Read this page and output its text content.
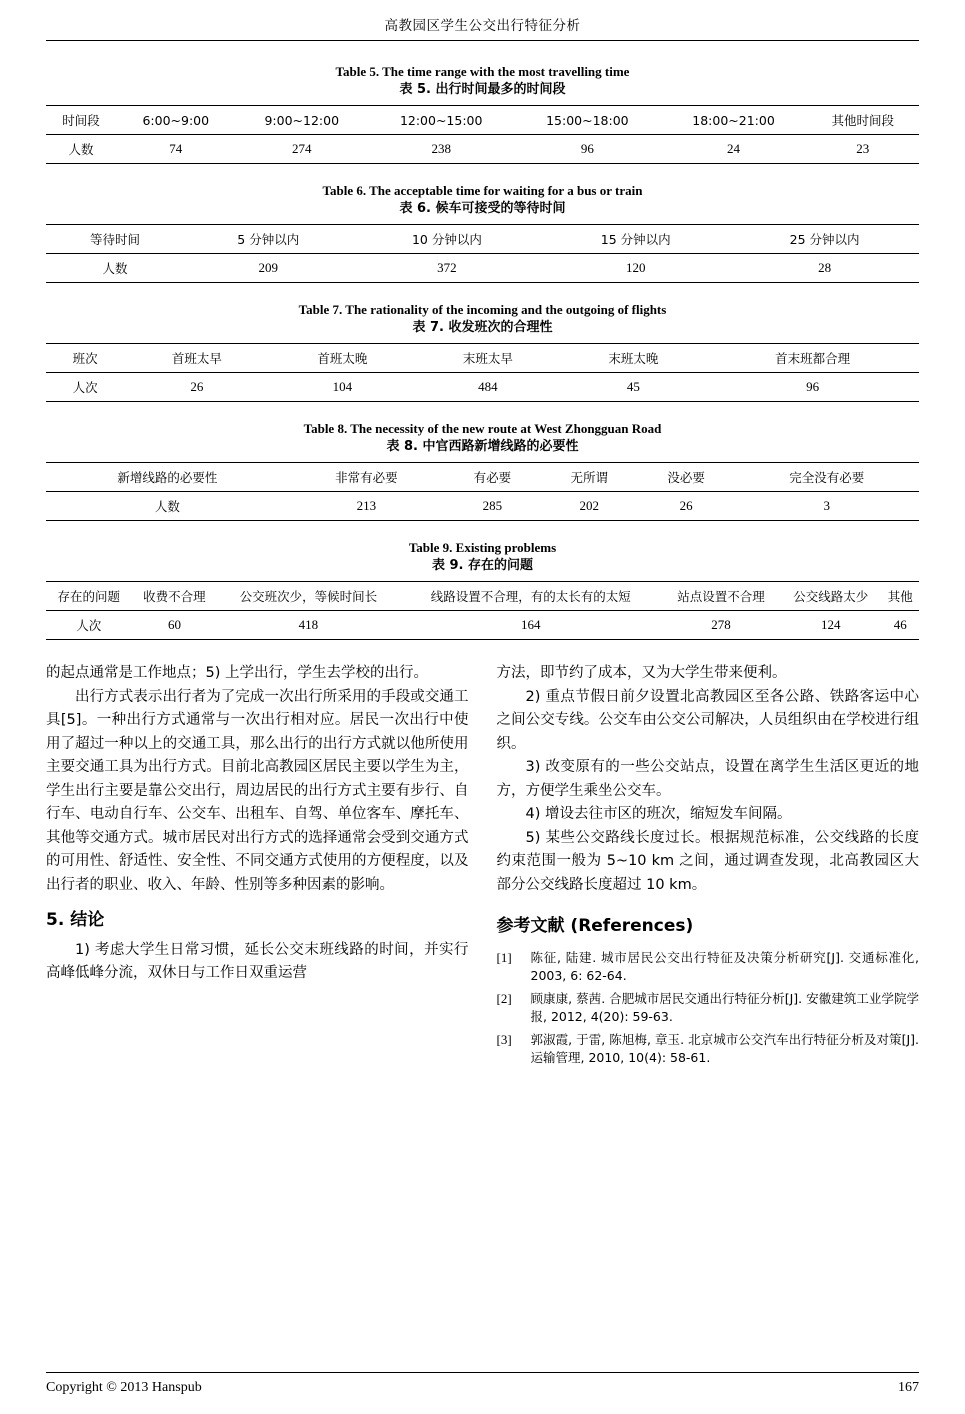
高教园区学生公交出行特征分析
Table 5. The time range with the most travelling time
表 5. 出行时间最多的时间段
时间段	6:00~9:00	9:00~12:00	12:00~15:00	15:00~18:00	18:00~21:00	其他时间段
人数	74	274	238	96	24	23
Table 6. The acceptable time for waiting for a bus or train
表 6. 候车可接受的等待时间
等待时间	5 分钟以内	10 分钟以内	15 分钟以内	25 分钟以内
人数	209	372	120	28
Table 7. The rationality of the incoming and the outgoing of flights
表 7. 收发班次的合理性
班次	首班太早	首班太晚	末班太早	末班太晚	首末班都合理
人次	26	104	484	45	96
Table 8. The necessity of the new route at West Zhongguan Road
表 8. 中官西路新增线路的必要性
新增线路的必要性	非常有必要	有必要	无所谓	没必要	完全没有必要
人数	213	285	202	26	3
Table 9. Existing problems
表 9. 存在的问题
存在的问题	收费不合理	公交班次少，等候时间长	线路设置不合理，有的太长有的太短	站点设置不合理	公交线路太少	其他
人次	60	418	164	278	124	46

的起点通常是工作地点；5) 上学出行，学生去学校的出行。

出行方式表示出行者为了完成一次出行所采用的手段或交通工具[5]。一种出行方式通常与一次出行相对应。居民一次出行中使用了超过一种以上的交通工具，那么出行的出行方式就以他所使用主要交通工具为出行方式。目前北高教园区居民主要以学生为主，学生出行主要是靠公交出行，周边居民的出行方式主要有步行、自行车、电动自行车、公交车、出租车、自驾、单位客车、摩托车、其他等交通方式。城市居民对出行方式的选择通常会受到交通方式的可用性、舒适性、安全性、不同交通方式使用的方便程度，以及出行者的职业、收入、年龄、性别等多种因素的影响。

5. 结论

1) 考虑大学生日常习惯，延长公交末班线路的时间，并实行高峰低峰分流，双休日与工作日双重运营

方法，即节约了成本，又为大学生带来便利。

2) 重点节假日前夕设置北高教园区至各公路、铁路客运中心之间公交专线。公交车由公交公司解决，人员组织由在学校进行组织。

3) 改变原有的一些公交站点，设置在离学生生活区更近的地方，方便学生乘坐公交车。

4) 增设去往市区的班次，缩短发车间隔。

5) 某些公交路线长度过长。根据规范标准，公交线路的长度约束范围一般为 5~10 km 之间，通过调查发现，北高教园区大部分公交线路长度超过 10 km。

参考文献 (References)
[1]	陈征, 陆建. 城市居民公交出行特征及决策分析研究[J]. 交通标准化, 2003, 6: 62-64.
[2]	顾康康, 蔡茜. 合肥城市居民交通出行特征分析[J]. 安徽建筑工业学院学报, 2012, 4(20): 59-63.
[3]	郭淑霞, 于雷, 陈旭梅, 章玉. 北京城市公交汽车出行特征分析及对策[J]. 运输管理, 2010, 10(4): 58-61.
Copyright © 2013 Hanspub	167
